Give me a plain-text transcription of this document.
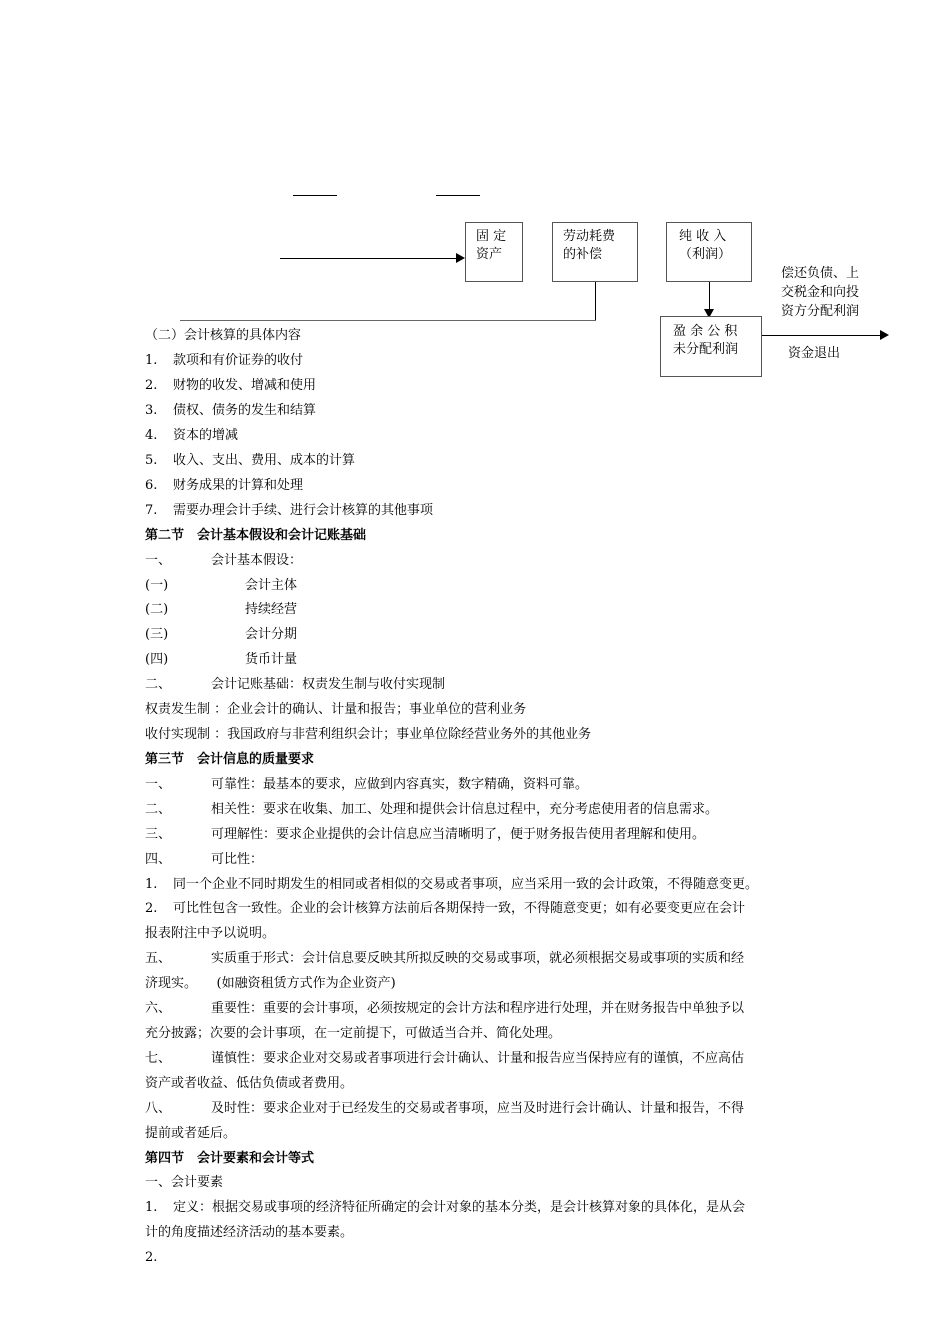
固 定
资产
劳动耗费
的补偿
纯 收 入
（利润）
盈 余 公 积
未分配利润
偿还负债、上
交税金和向投
资方分配利润
资金退出
（二）会计核算的具体内容
1. 款项和有价证券的收付
2. 财物的收发、增减和使用
3. 债权、债务的发生和结算
4. 资本的增减
5. 收入、支出、费用、成本的计算
6. 财务成果的计算和处理
7. 需要办理会计手续、进行会计核算的其他事项
第二节　会计基本假设和会计记账基础
一、	会计基本假设：
(一)	会计主体
(二)	持续经营
(三)	会计分期
(四)	货币计量
二、	会计记账基础：权责发生制与收付实现制
权责发生制 ：企业会计的确认、计量和报告；事业单位的营利业务
收付实现制 ：我国政府与非营利组织会计；事业单位除经营业务外的其他业务
第三节　会计信息的质量要求
一、	可靠性：最基本的要求，应做到内容真实，数字精确，资料可靠。
二、	相关性：要求在收集、加工、处理和提供会计信息过程中，充分考虑使用者的信息需求。
三、	可理解性：要求企业提供的会计信息应当清晰明了，便于财务报告使用者理解和使用。
四、	可比性：
1. 同一个企业不同时期发生的相同或者相似的交易或者事项，应当采用一致的会计政策，不得随意变更。
2. 可比性包含一致性。企业的会计核算方法前后各期保持一致，不得随意变更；如有必要变更应在会计
报表附注中予以说明。
五、	实质重于形式：会计信息要反映其所拟反映的交易或事项，就必须根据交易或事项的实质和经
济现实。　　(如融资租赁方式作为企业资产)
六、	重要性：重要的会计事项，必须按规定的会计方法和程序进行处理，并在财务报告中单独予以
充分披露；次要的会计事项，在一定前提下，可做适当合并、简化处理。
七、	谨慎性：要求企业对交易或者事项进行会计确认、计量和报告应当保持应有的谨慎，不应高估
资产或者收益、低估负债或者费用。
八、	及时性：要求企业对于已经发生的交易或者事项，应当及时进行会计确认、计量和报告，不得
提前或者延后。
第四节　会计要素和会计等式
一、会计要素
1. 定义：根据交易或事项的经济特征所确定的会计对象的基本分类，是会计核算对象的具体化，是从会
计的角度描述经济活动的基本要素。
2.
